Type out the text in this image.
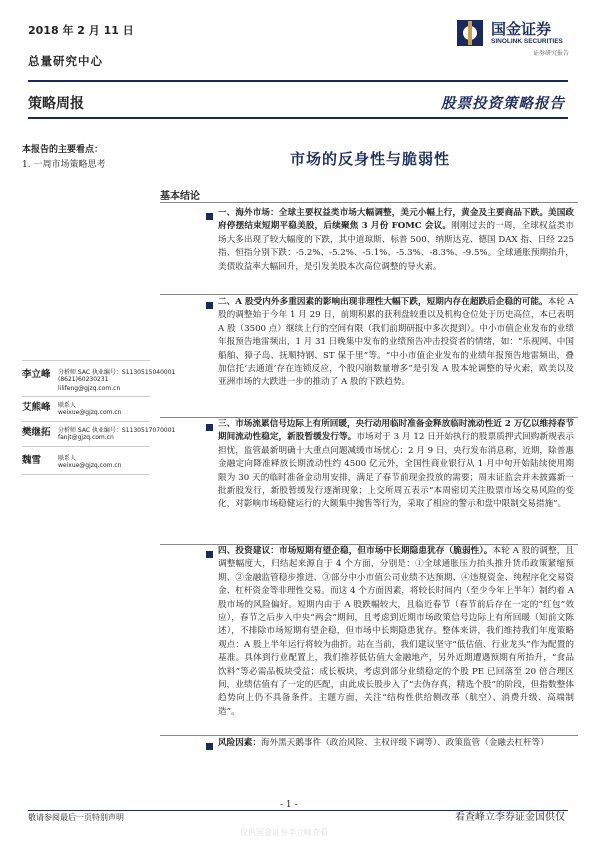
2018 年 2 月 11 日
总量研究中心
国金证券
SINOLINK SECURITIES
证券研究报告
策略周报	股票投资策略报告
本报告的主要看点：
1. 一周市场策略思考	市场的反身性与脆弱性
基本结论
李立峰 分析师 SAC 执业编号：S1130515040001
(8621)60230231
lilifeng@gjzq.com.cn
艾熊峰 联系人
weixue@gjzq.com.cn
樊继拓 分析师 SAC 执业编号：S1130517070001
fanjt@gjzq.com.cn
魏雪	联系人
weixue@gjzq.com.cn
一、海外市场：全球主要权益类市场大幅调整，美元小幅上行，黄金及主要商品下跌。美国政府停摆结束短期平稳美股，后续聚焦 3 月份 FOMC 会议。刚刚过去的一周，全球权益类市场大多出现了较大幅度的下跌，其中道琼斯、标普 500、纳斯达克、德国 DAX 指、日经 225 指、恒指分别下跌：-5.2%、-5.2%、-5.1%、-5.3%、-8.3%、-9.5%。全球通胀预期抬升，美债收益率大幅回升，是引发美股本次高位调整的导火索。
二、A 股受内外多重因素的影响出现非理性大幅下跌，短期内存在超跌后企稳的可能。本轮 A 股的调整始于今年 1 月 29 日，前期积累的获利盘较重以及机构仓位处于历史高位，本已表明 A 股（3500 点）继续上行的空间有限（我们前期研报中多次提到）。中小市值企业发布的业绩年报预告地雷频出，1 月 31 日晚集中发布的业绩预告冲击投资者的情绪，如：“乐视网、中国船舶、獐子岛、抚顺特钢、ST 保千里”等。“中小市值企业发布的业绩年报预告地雷频出，叠加信托‘去通道’存在连锁反应，个股闪崩数量增多”是引发 A 股本轮调整的导火索，欧美以及亚洲市场的大跌进一步的推动了 A 股的下跌趋势。
三、市场流累信号边际上有所回暖，央行动用临时准备金释放临时流动性近 2 万亿以维持春节期间流动性稳定，新股暂缓发行等。市场对于 3 月 12 日开始执行的股票质押式回购新规表示担忧，监管最新明确十大重点问题减缓市场忧心；2 月 9 日，央行发布消息称，近期，除普惠金融定向降准释放长期流动性约 4500 亿元外，全国性商业银行从 1 月中旬开始陆续使用期限为 30 天的临时准备金动用安排，满足了春节前现金投放的需要；周末证监会并未披露新一批新股发行，新股暂缓发行逐渐现象；上交所周五表示“本周密切关注股票市场交易风险的变化，对影响市场稳健运行的大额集中抛售等行为，采取了相应的警示和盘中限制交易措施”。
四、投资建议：市场短期有望企稳，但市场中长期隐患犹存（脆弱性）。本轮 A 股的调整，且调整幅度大，归结起来源自于 4 个方面，分别是：①全球通胀压力抬头推升货币政策紧缩预期、②金融监管稳步推进、③部分中小市值公司业绩不达预期、④违规资金、纯程序化交易资金、杠杆资金等非理性交易。而这 4 个方面因素，将较长时间内（至少今年上半年）制约着 A 股市场的风险偏好。短期内由于 A 股跌幅较大，且临近春节（春节前后存在一定的“红包”效应），春节之后步入中央“两会”期间，且考虑到近期市场政策信号边际上有所回暖（知前文陈述），不排除市场短期有望企稳，但市场中长期隐患犹存。整体来讲，我们维持我们年度策略观点：A 股上半年运行将较为曲折。站在当前，我们建议坚守“低估值、行业龙头”作为配置的基准。具体到行业配置上，我们推荐低估值大金融地产，另外近期遭遇预期有所抬升，“食品饮料”等必需品板块受益；成长板块，考虑到部分业绩稳定的个股 PE 已回落至 20 倍合理区间，业绩估值有了一定的匹配，由此成长股步入了“去伪存真，精选个股”的阶段，但指数整体趋势向上仍不具备条件。主题方面，关注“结构性供给侧改革（航空）、消费升级、高端制造”。
风险因素：海外黑天鹅事件（政治风险、主权评级下调等）、政策监管（金融去杠杆等）
- 1 -
敬请参阅最后一页特别声明	看查峰立李券证金国供仅
仅供国金证券李立峰查看
